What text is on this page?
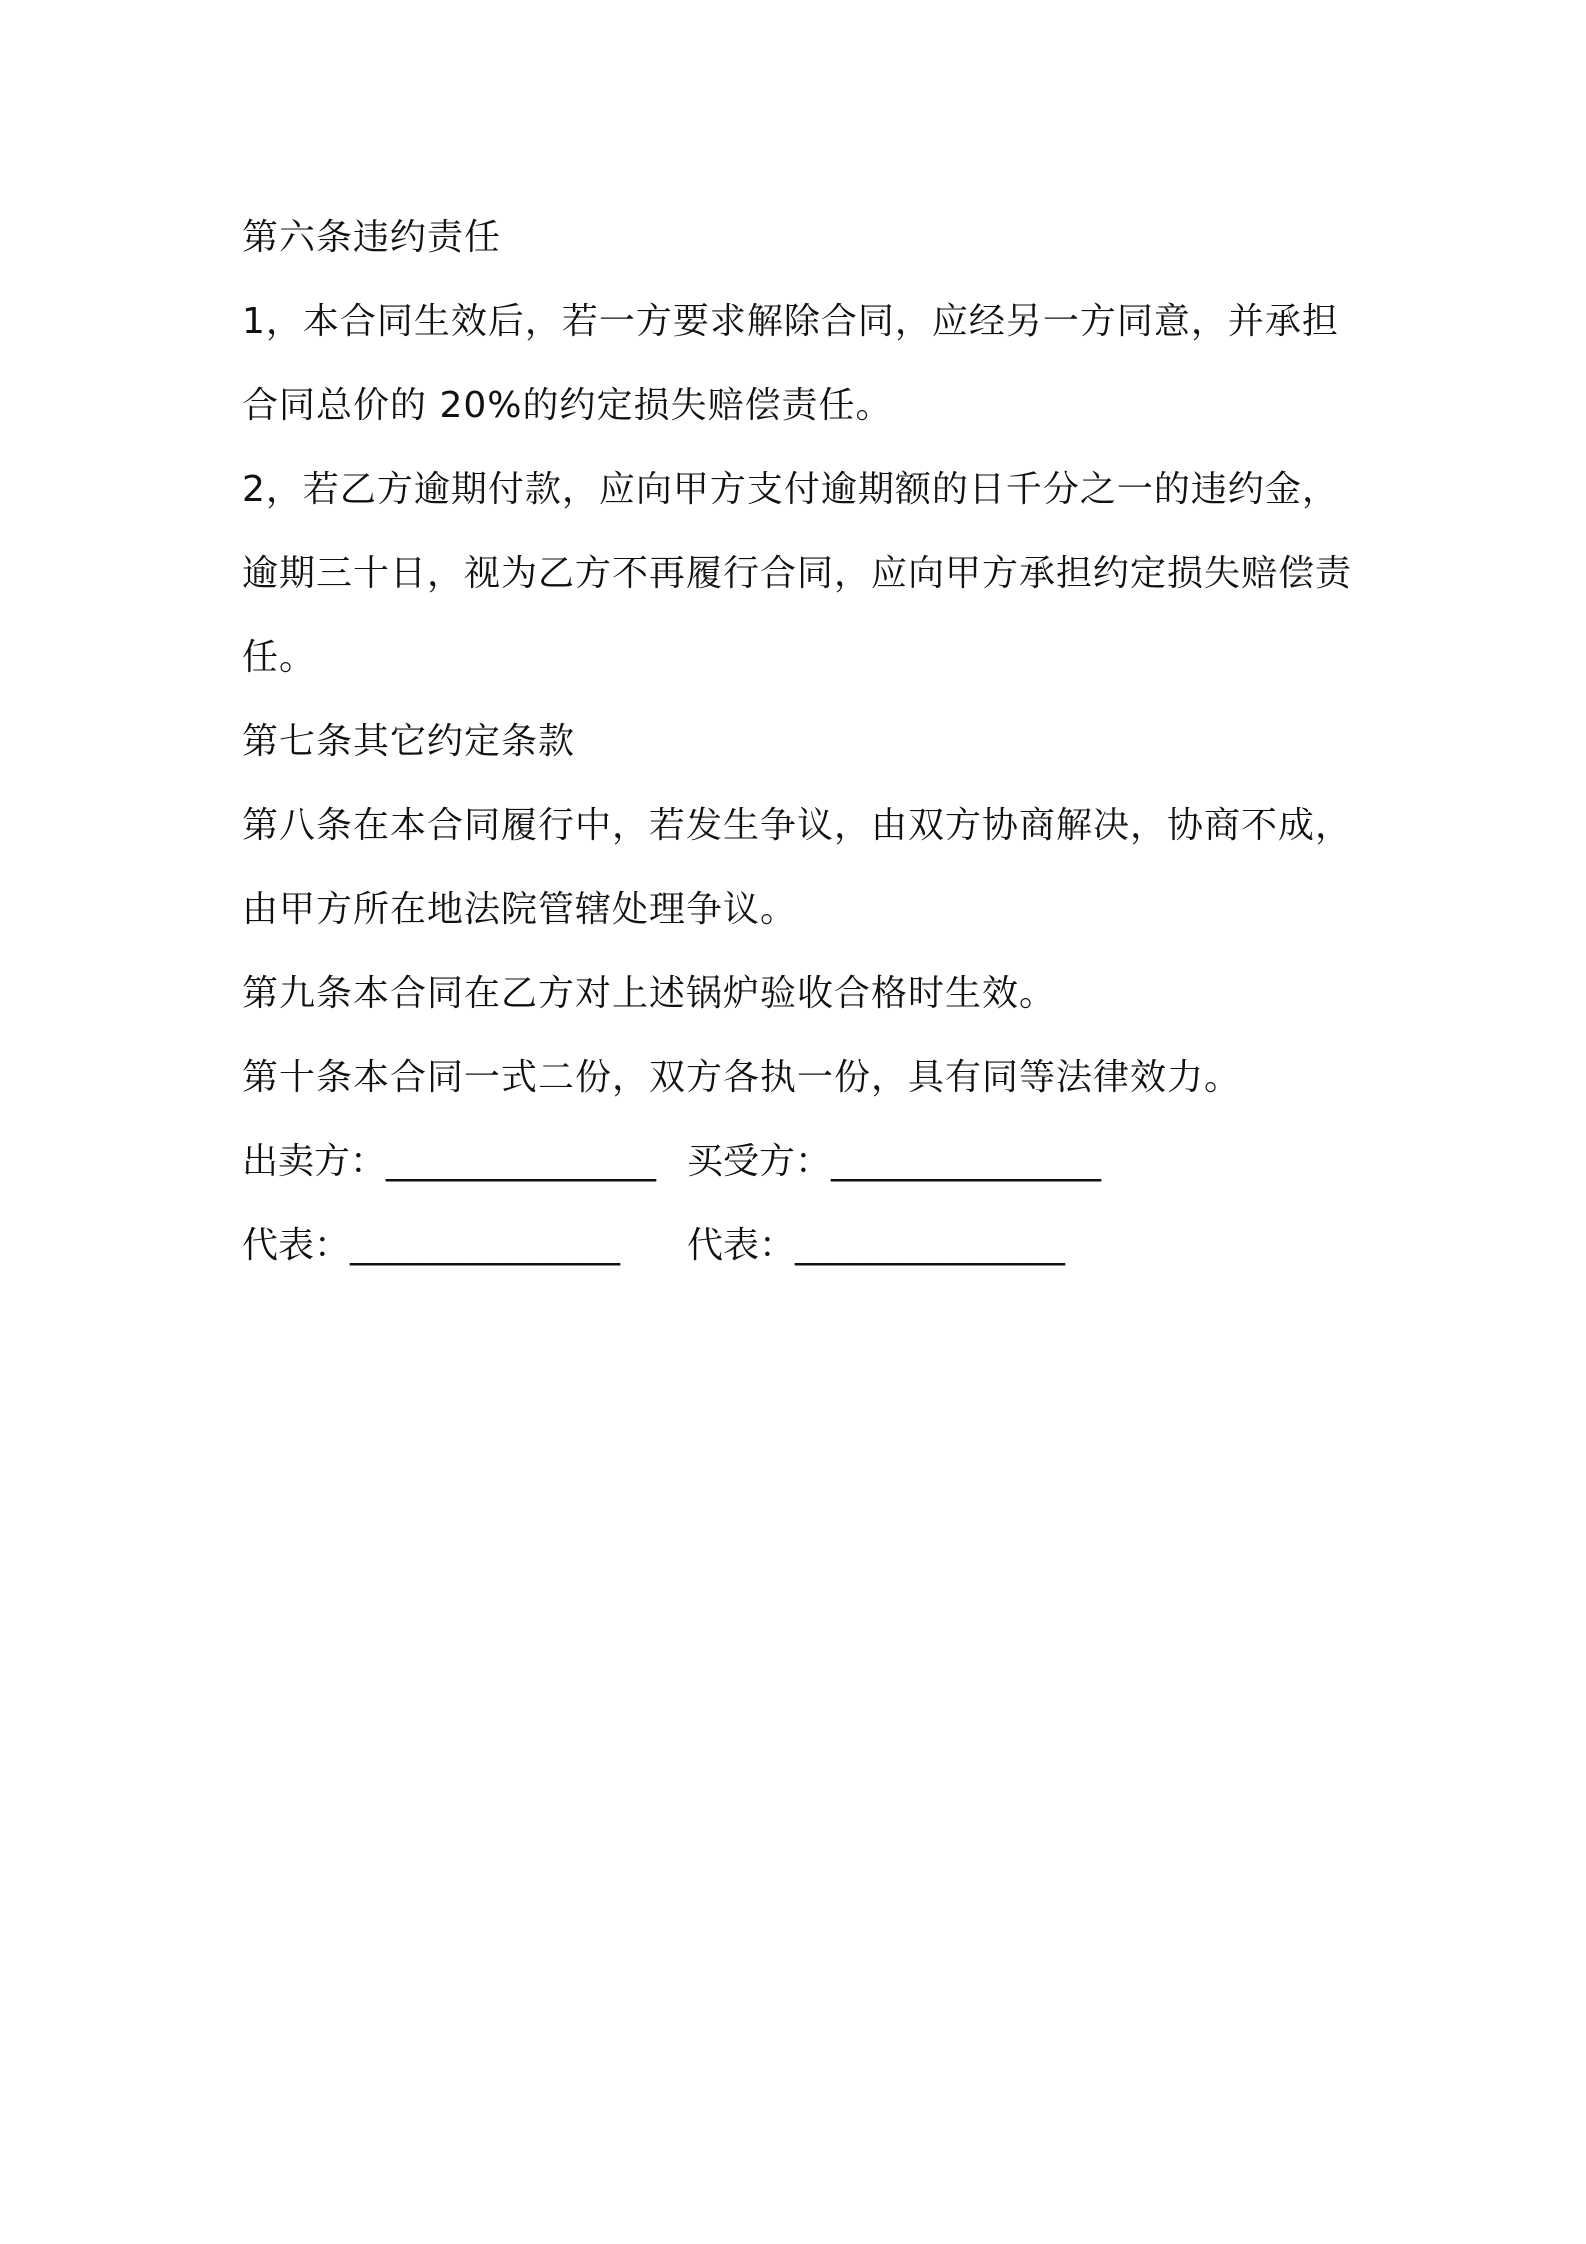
第六条违约责任
1，本合同生效后，若一方要求解除合同，应经另一方同意，并承担
合同总价的 20%的约定损失赔偿责任。
2，若乙方逾期付款，应向甲方支付逾期额的日千分之一的违约金，
逾期三十日，视为乙方不再履行合同，应向甲方承担约定损失赔偿责
任。
第七条其它约定条款
第八条在本合同履行中，若发生争议，由双方协商解决，协商不成，
由甲方所在地法院管辖处理争议。
第九条本合同在乙方对上述锅炉验收合格时生效。
第十条本合同一式二份，双方各执一份，具有同等法律效力。
出卖方：_______________ 买受方：_______________
代表：_______________ 代表：_______________
